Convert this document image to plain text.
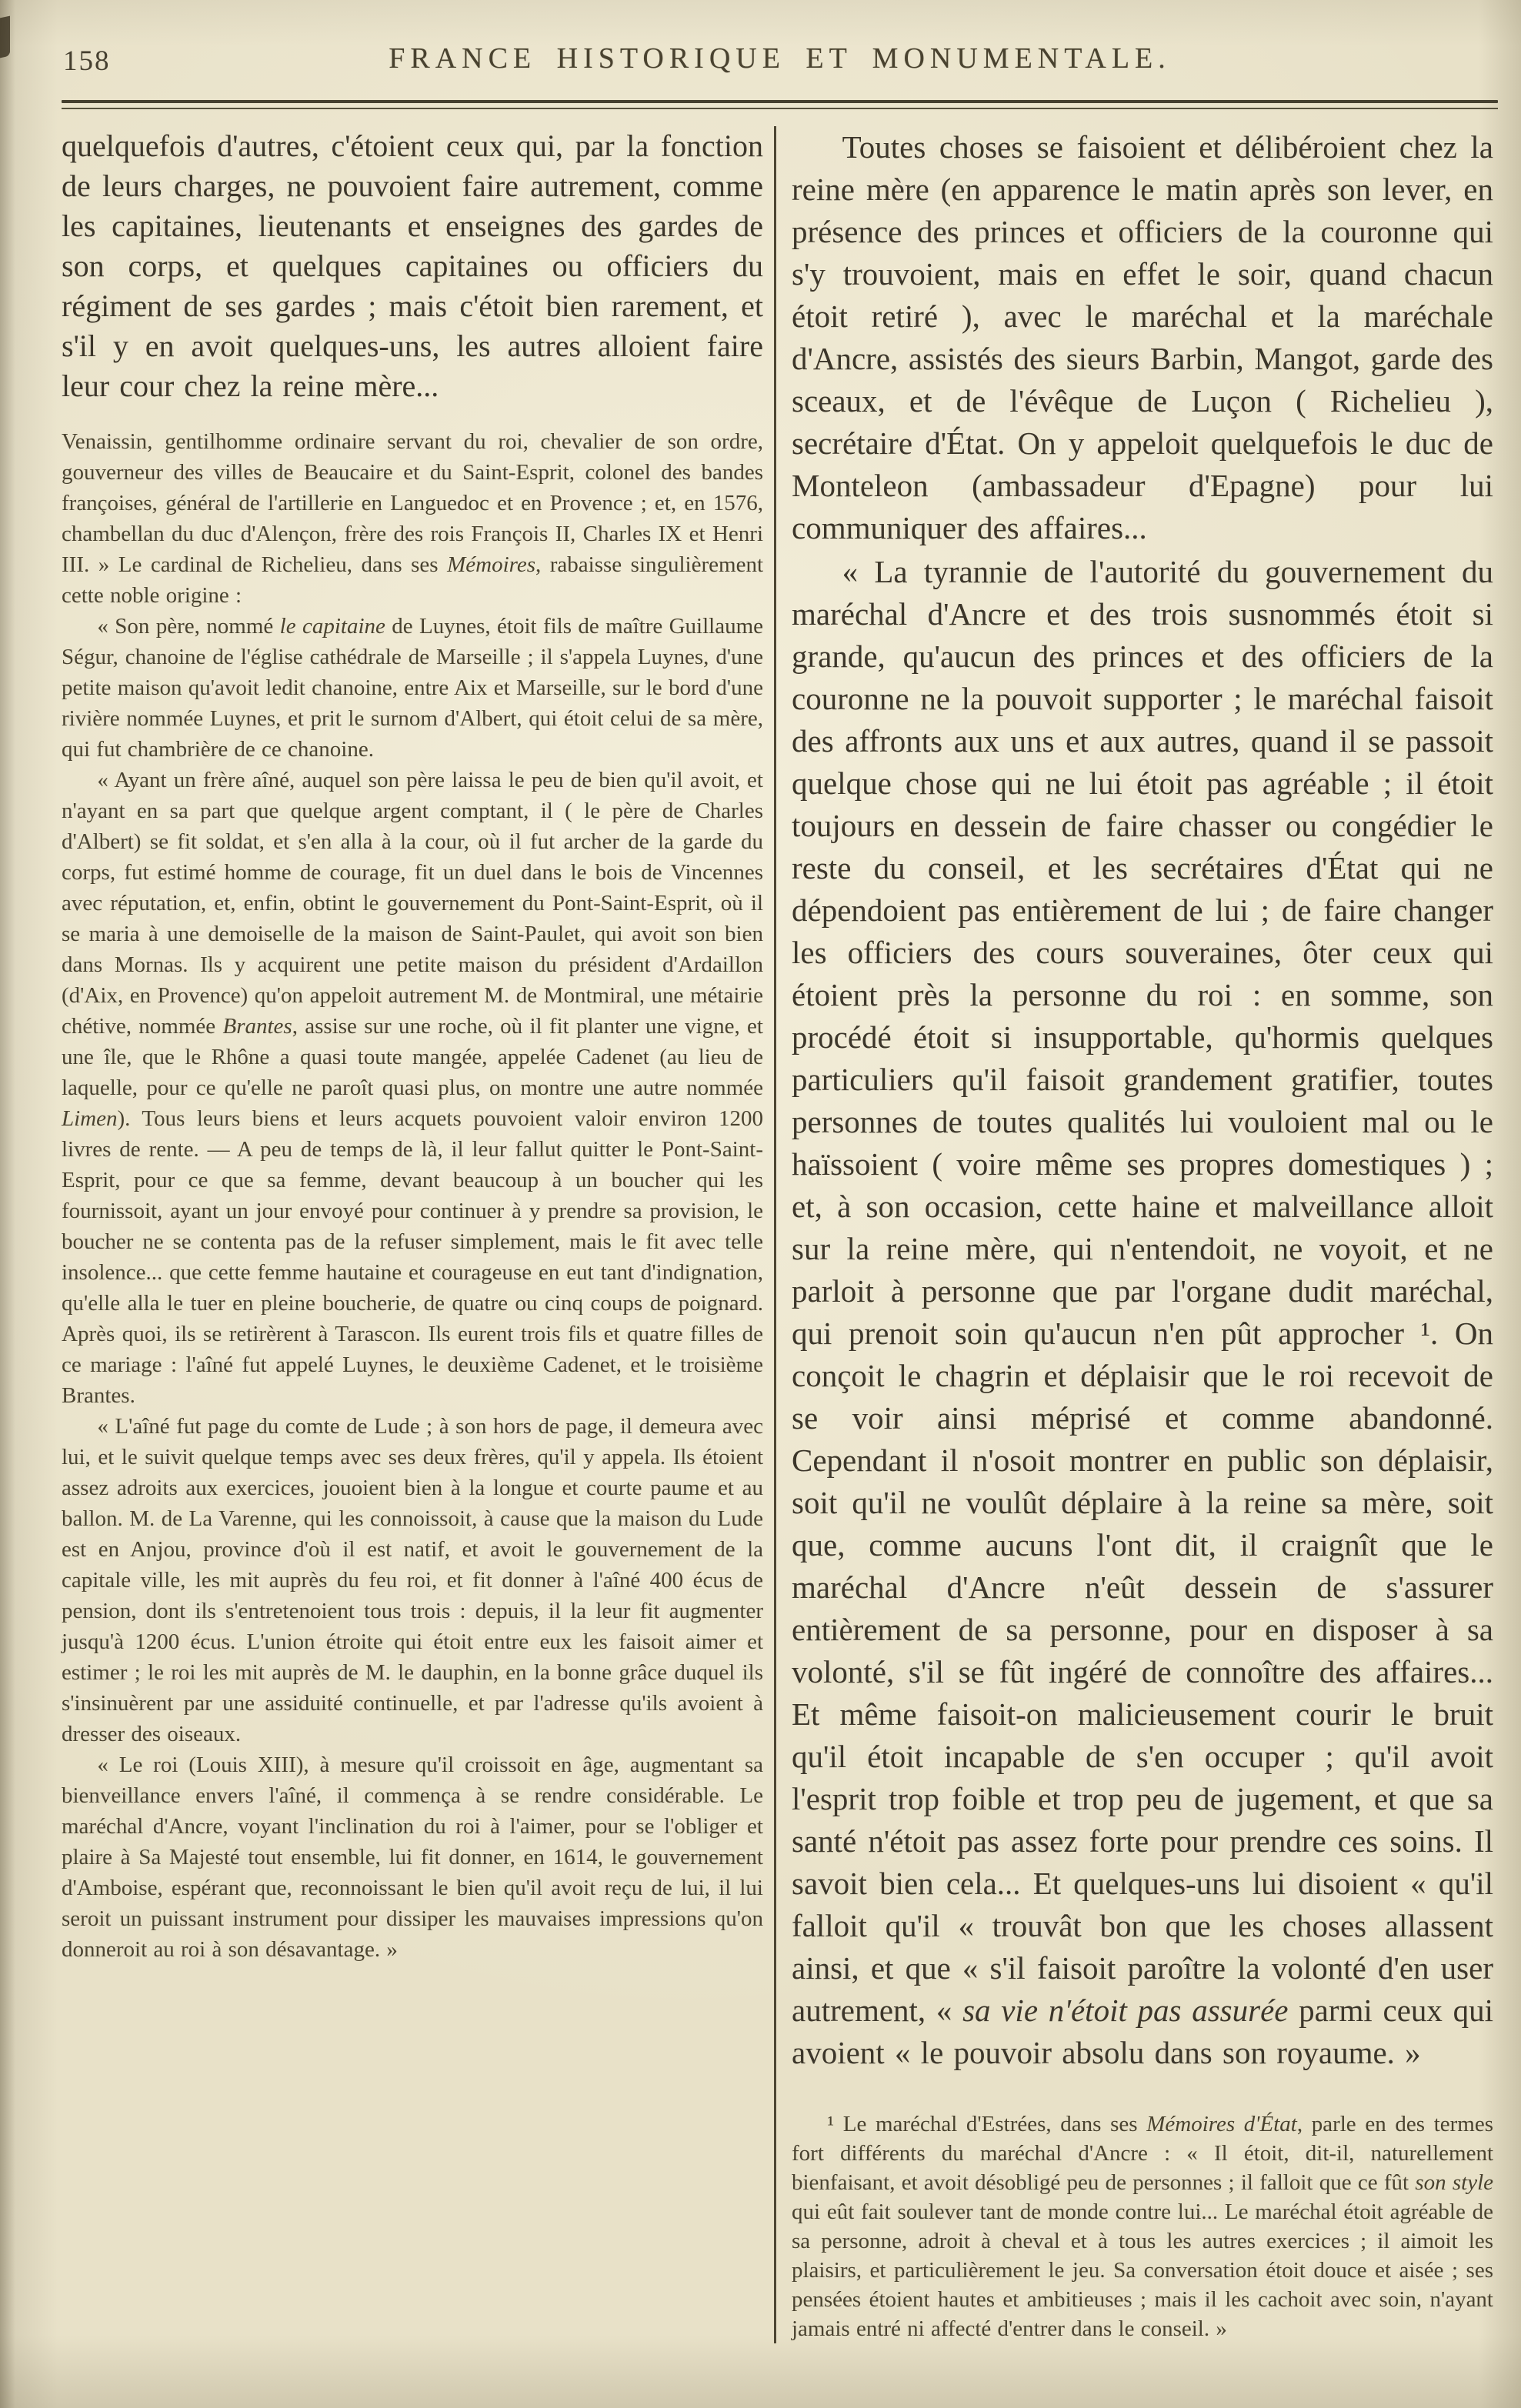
158	FRANCE HISTORIQUE ET MONUMENTALE.

quelquefois d'autres, c'étoient ceux qui, par la fonction de leurs charges, ne pouvoient faire autrement, comme les capitaines, lieutenants et enseignes des gardes de son corps, et quelques capitaines ou officiers du régiment de ses gardes ; mais c'étoit bien rarement, et s'il y en avoit quelques-uns, les autres alloient faire leur cour chez la reine mère...

Venaissin, gentilhomme ordinaire servant du roi, chevalier de son ordre, gouverneur des villes de Beaucaire et du Saint-Esprit, colonel des bandes françoises, général de l'artillerie en Languedoc et en Provence ; et, en 1576, chambellan du duc d'Alençon, frère des rois François II, Charles IX et Henri III. » Le cardinal de Richelieu, dans ses Mémoires, rabaisse singulièrement cette noble origine :

« Son père, nommé le capitaine de Luynes, étoit fils de maître Guillaume Ségur, chanoine de l'église cathédrale de Marseille ; il s'appela Luynes, d'une petite maison qu'avoit ledit chanoine, entre Aix et Marseille, sur le bord d'une rivière nommée Luynes, et prit le surnom d'Albert, qui étoit celui de sa mère, qui fut chambrière de ce chanoine.

« Ayant un frère aîné, auquel son père laissa le peu de bien qu'il avoit, et n'ayant en sa part que quelque argent comptant, il ( le père de Charles d'Albert) se fit soldat, et s'en alla à la cour, où il fut archer de la garde du corps, fut estimé homme de courage, fit un duel dans le bois de Vincennes avec réputation, et, enfin, obtint le gouvernement du Pont-Saint-Esprit, où il se maria à une demoiselle de la maison de Saint-Paulet, qui avoit son bien dans Mornas. Ils y acquirent une petite maison du président d'Ardaillon (d'Aix, en Provence) qu'on appeloit autrement M. de Montmiral, une métairie chétive, nommée Brantes, assise sur une roche, où il fit planter une vigne, et une île, que le Rhône a quasi toute mangée, appelée Cadenet (au lieu de laquelle, pour ce qu'elle ne paroît quasi plus, on montre une autre nommée Limen). Tous leurs biens et leurs acquets pouvoient valoir environ 1200 livres de rente. — A peu de temps de là, il leur fallut quitter le Pont-Saint-Esprit, pour ce que sa femme, devant beaucoup à un boucher qui les fournissoit, ayant un jour envoyé pour continuer à y prendre sa provision, le boucher ne se contenta pas de la refuser simplement, mais le fit avec telle insolence... que cette femme hautaine et courageuse en eut tant d'indignation, qu'elle alla le tuer en pleine boucherie, de quatre ou cinq coups de poignard. Après quoi, ils se retirèrent à Tarascon. Ils eurent trois fils et quatre filles de ce mariage : l'aîné fut appelé Luynes, le deuxième Cadenet, et le troisième Brantes.

« L'aîné fut page du comte de Lude ; à son hors de page, il demeura avec lui, et le suivit quelque temps avec ses deux frères, qu'il y appela. Ils étoient assez adroits aux exercices, jouoient bien à la longue et courte paume et au ballon. M. de La Varenne, qui les connoissoit, à cause que la maison du Lude est en Anjou, province d'où il est natif, et avoit le gouvernement de la capitale ville, les mit auprès du feu roi, et fit donner à l'aîné 400 écus de pension, dont ils s'entretenoient tous trois : depuis, il la leur fit augmenter jusqu'à 1200 écus. L'union étroite qui étoit entre eux les faisoit aimer et estimer ; le roi les mit auprès de M. le dauphin, en la bonne grâce duquel ils s'insinuèrent par une assiduité continuelle, et par l'adresse qu'ils avoient à dresser des oiseaux.

« Le roi (Louis XIII), à mesure qu'il croissoit en âge, augmentant sa bienveillance envers l'aîné, il commença à se rendre considérable. Le maréchal d'Ancre, voyant l'inclination du roi à l'aimer, pour se l'obliger et plaire à Sa Majesté tout ensemble, lui fit donner, en 1614, le gouvernement d'Amboise, espérant que, reconnoissant le bien qu'il avoit reçu de lui, il lui seroit un puissant instrument pour dissiper les mauvaises impressions qu'on donneroit au roi à son désavantage. »

Toutes choses se faisoient et délibéroient chez la reine mère (en apparence le matin après son lever, en présence des princes et officiers de la couronne qui s'y trouvoient, mais en effet le soir, quand chacun étoit retiré ), avec le maréchal et la maréchale d'Ancre, assistés des sieurs Barbin, Mangot, garde des sceaux, et de l'évêque de Luçon ( Richelieu ), secrétaire d'État. On y appeloit quelquefois le duc de Monteleon (ambassadeur d'Epagne) pour lui communiquer des affaires...

« La tyrannie de l'autorité du gouvernement du maréchal d'Ancre et des trois susnommés étoit si grande, qu'aucun des princes et des officiers de la couronne ne la pouvoit supporter ; le maréchal faisoit des affronts aux uns et aux autres, quand il se passoit quelque chose qui ne lui étoit pas agréable ; il étoit toujours en dessein de faire chasser ou congédier le reste du conseil, et les secrétaires d'État qui ne dépendoient pas entièrement de lui ; de faire changer les officiers des cours souveraines, ôter ceux qui étoient près la personne du roi : en somme, son procédé étoit si insupportable, qu'hormis quelques particuliers qu'il faisoit grandement gratifier, toutes personnes de toutes qualités lui vouloient mal ou le haïssoient ( voire même ses propres domestiques ) ; et, à son occasion, cette haine et malveillance alloit sur la reine mère, qui n'entendoit, ne voyoit, et ne parloit à personne que par l'organe dudit maréchal, qui prenoit soin qu'aucun n'en pût approcher ¹. On conçoit le chagrin et déplaisir que le roi recevoit de se voir ainsi méprisé et comme abandonné. Cependant il n'osoit montrer en public son déplaisir, soit qu'il ne voulût déplaire à la reine sa mère, soit que, comme aucuns l'ont dit, il craignît que le maréchal d'Ancre n'eût dessein de s'assurer entièrement de sa personne, pour en disposer à sa volonté, s'il se fût ingéré de connoître des affaires... Et même faisoit-on malicieusement courir le bruit qu'il étoit incapable de s'en occuper ; qu'il avoit l'esprit trop foible et trop peu de jugement, et que sa santé n'étoit pas assez forte pour prendre ces soins. Il savoit bien cela... Et quelques-uns lui disoient « qu'il falloit qu'il « trouvât bon que les choses allassent ainsi, et que « s'il faisoit paroître la volonté d'en user autrement, « sa vie n'étoit pas assurée parmi ceux qui avoient « le pouvoir absolu dans son royaume. »

¹ Le maréchal d'Estrées, dans ses Mémoires d'État, parle en des termes fort différents du maréchal d'Ancre : « Il étoit, dit-il, naturellement bienfaisant, et avoit désobligé peu de personnes ; il falloit que ce fût son style qui eût fait soulever tant de monde contre lui... Le maréchal étoit agréable de sa personne, adroit à cheval et à tous les autres exercices ; il aimoit les plaisirs, et particulièrement le jeu. Sa conversation étoit douce et aisée ; ses pensées étoient hautes et ambitieuses ; mais il les cachoit avec soin, n'ayant jamais entré ni affecté d'entrer dans le conseil. »
